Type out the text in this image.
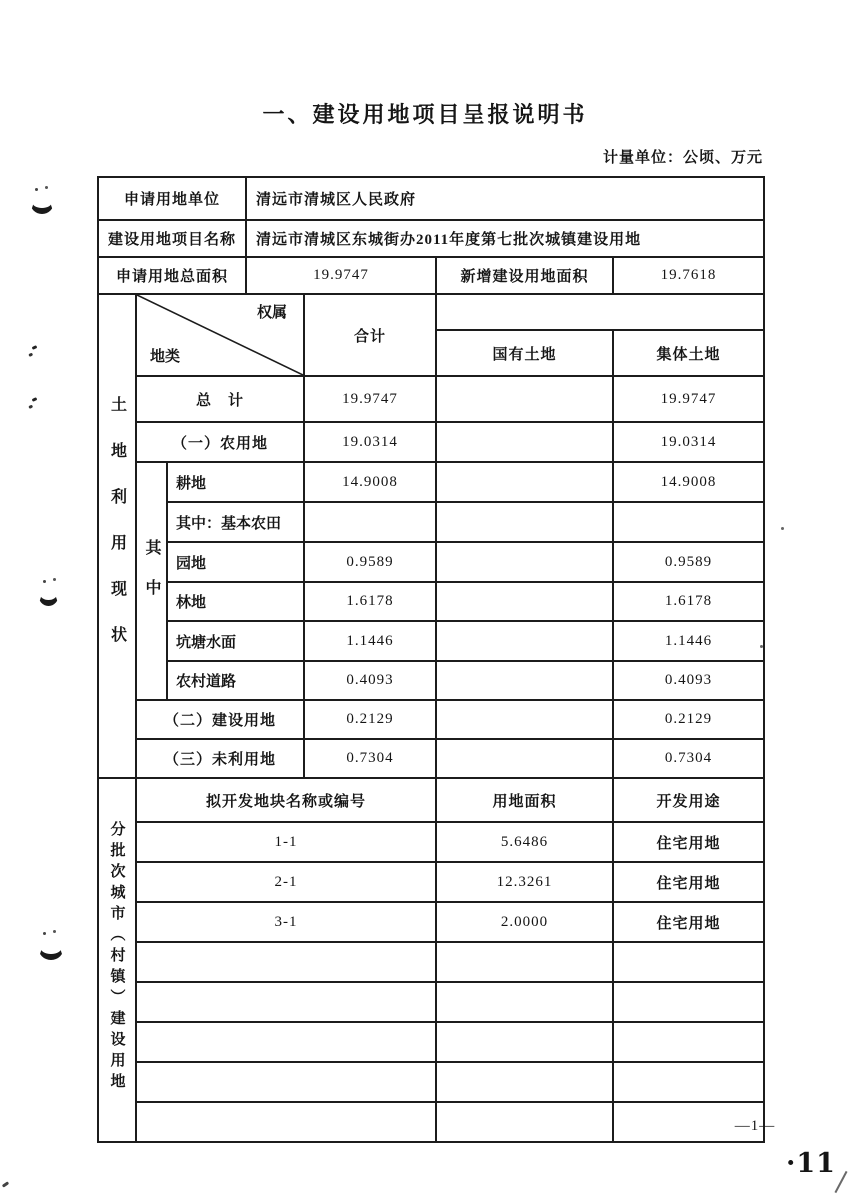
一、建设用地项目呈报说明书
计量单位：公顷、万元
申请用地单位	清远市清城区人民政府		
建设用地项目名称	清远市清城区东城街办2011年度第七批次城镇建设用地		
申请用地总面积	19.9747	新增建设用地面积	19.7618
土地利用现状	权属
地类		合计		
				国有土地	集体土地
	总　计		19.9747		19.9747
	（一）农用地		19.0314		19.0314
	其中	耕地	14.9008		14.9008
		其中：基本农田			
		园地	0.9589		0.9589
		林地	1.6178		1.6178
		坑塘水面	1.1446		1.1446
		农村道路	0.4093		0.4093
	（二）建设用地		0.2129		0.2129
	（三）未利用地		0.7304		0.7304
分批次城市（村镇）建设用地	拟开发地块名称或编号	用地面积	开发用途
	1-1	5.6486	住宅用地
	2-1	12.3261	住宅用地
	3-1	2.0000	住宅用地

—1—
·11
